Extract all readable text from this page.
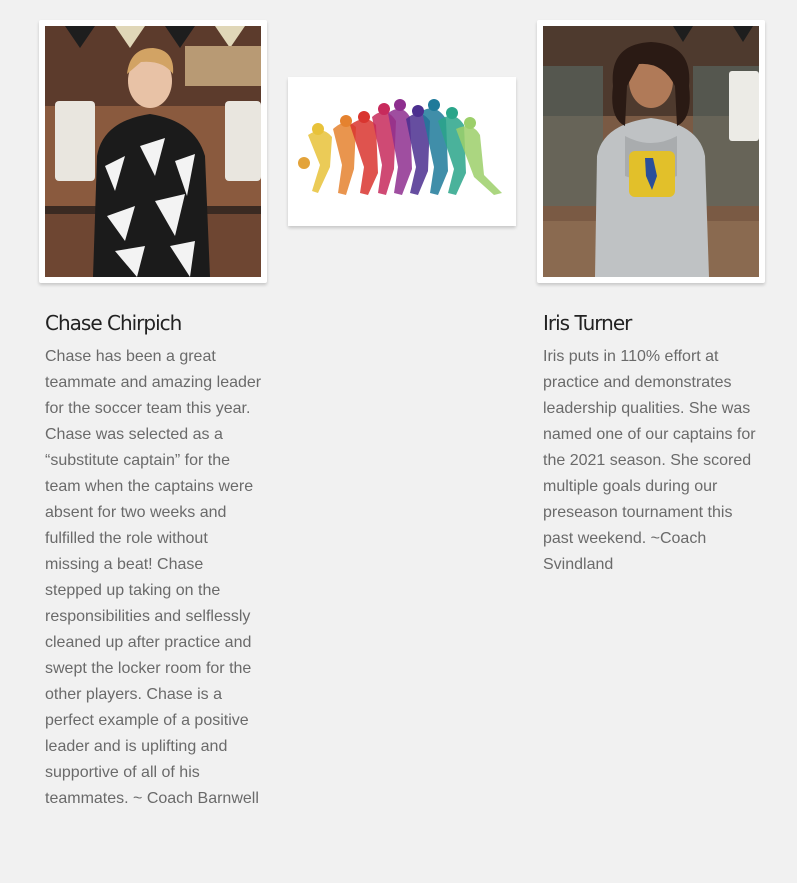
Chase Chirpich

Chase has been a great teammate and amazing leader for the soccer team this year. Chase was selected as a “substitute captain” for the team when the captains were absent for two weeks and fulfilled the role without missing a beat! Chase stepped up taking on the responsibilities and selflessly cleaned up after practice and swept the locker room for the other players. Chase is a perfect example of a positive leader and is uplifting and supportive of all of his teammates. ~ Coach Barnwell

Iris Turner

Iris puts in 110% effort at practice and demonstrates leadership qualities. She was named one of our captains for the 2021 season. She scored multiple goals during our preseason tournament this past weekend. ~Coach Svindland
